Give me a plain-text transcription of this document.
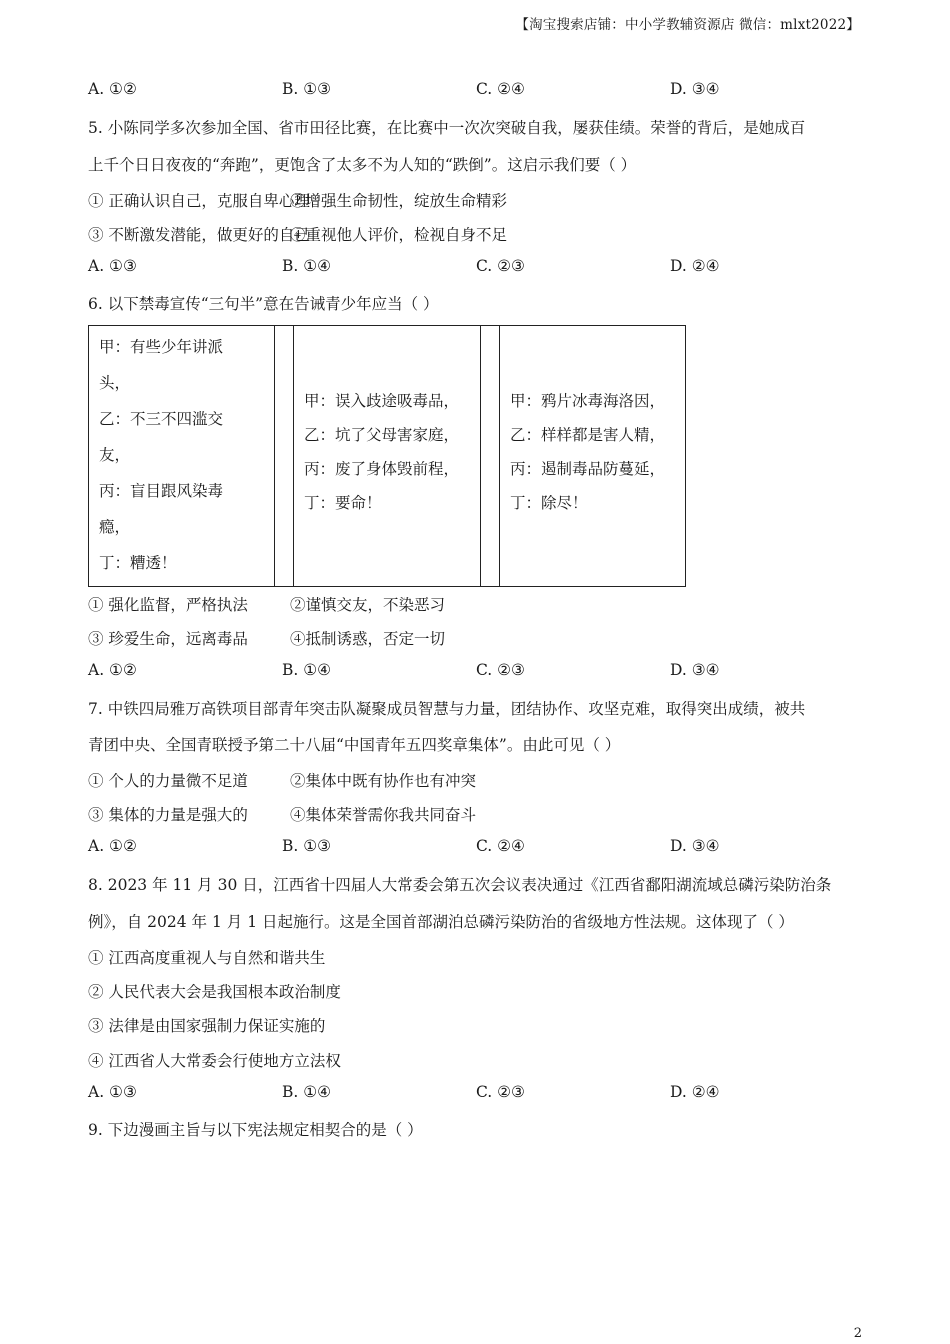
【淘宝搜索店铺：中小学教辅资源店 微信：mlxt2022】
A. ①②	B. ①③	C. ②④	D. ③④
5. 小陈同学多次参加全国、省市田径比赛，在比赛中一次次突破自我，屡获佳绩。荣誉的背后，是她成百
上千个日日夜夜的“奔跑”，更饱含了太多不为人知的“跌倒”。这启示我们要（ ）
① 正确认识自己，克服自卑心理
②增强生命韧性，绽放生命精彩
③ 不断激发潜能，做更好的自己
④重视他人评价，检视自身不足
A. ①③	B. ①④	C. ②③	D. ②④
6. 以下禁毒宣传“三句半”意在告诫青少年应当（ ）
甲：有些少年讲派
头，
乙：不三不四滥交
友，
丙：盲目跟风染毒
瘾，
丁：糟透！
甲：误入歧途吸毒品，
乙：坑了父母害家庭，
丙：废了身体毁前程，
丁：要命！
甲：鸦片冰毒海洛因，
乙：样样都是害人精，
丙：遏制毒品防蔓延，
丁：除尽！
① 强化监督，严格执法	②谨慎交友，不染恶习
③ 珍爱生命，远离毒品	④抵制诱惑，否定一切
A. ①②	B. ①④	C. ②③	D. ③④
7. 中铁四局雅万高铁项目部青年突击队凝聚成员智慧与力量，团结协作、攻坚克难，取得突出成绩，被共
青团中央、全国青联授予第二十八届“中国青年五四奖章集体”。由此可见（ ）
① 个人的力量微不足道	②集体中既有协作也有冲突
③ 集体的力量是强大的	④集体荣誉需你我共同奋斗
A. ①②	B. ①③	C. ②④	D. ③④
8. 2023 年 11 月 30 日，江西省十四届人大常委会第五次会议表决通过《江西省鄱阳湖流域总磷污染防治条
例》，自 2024 年 1 月 1 日起施行。这是全国首部湖泊总磷污染防治的省级地方性法规。这体现了（ ）
① 江西高度重视人与自然和谐共生
② 人民代表大会是我国根本政治制度
③ 法律是由国家强制力保证实施的
④ 江西省人大常委会行使地方立法权
A. ①③	B. ①④	C. ②③	D. ②④
9. 下边漫画主旨与以下宪法规定相契合的是（ ）
2
